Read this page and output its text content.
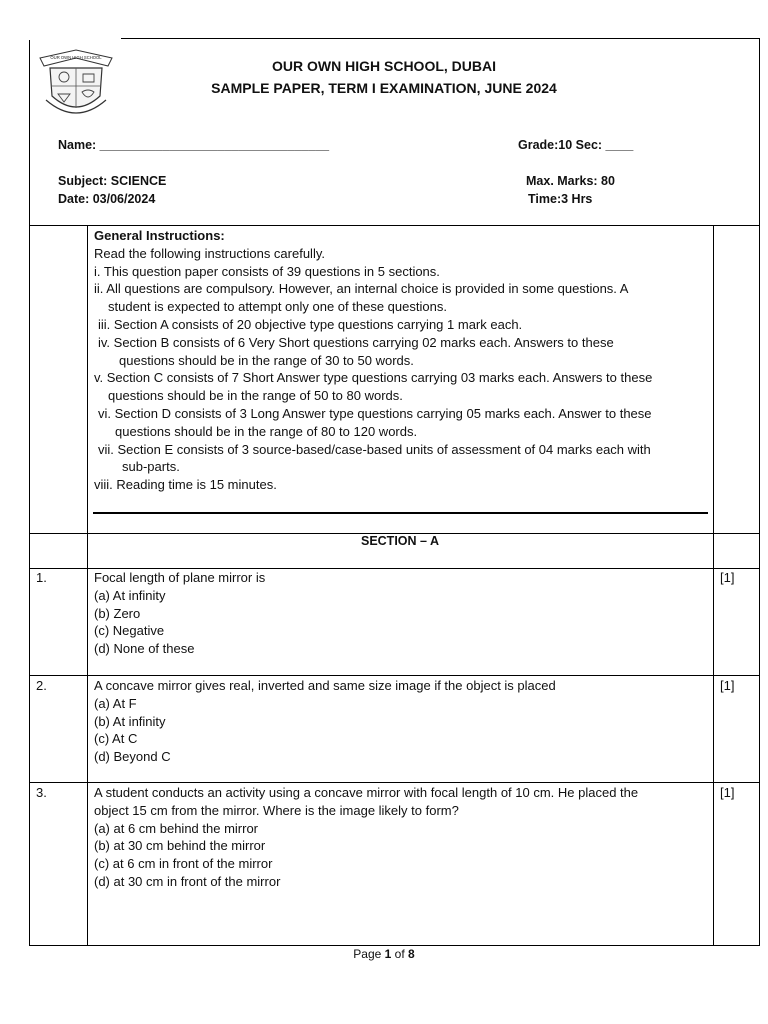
OUR OWN HIGH SCHOOL
OUR OWN HIGH SCHOOL, DUBAI
SAMPLE PAPER, TERM I EXAMINATION, JUNE 2024
Name: _________________________________	Grade:10 Sec: ____
Subject: SCIENCE	Max. Marks: 80
Date: 03/06/2024	Time:3 Hrs

General Instructions:

Read the following instructions carefully.

i. This question paper consists of 39 questions in 5 sections.

ii. All questions are compulsory. However, an internal choice is provided in some questions. A

student is expected to attempt only one of these questions.

iii. Section A consists of 20 objective type questions carrying 1 mark each.

iv. Section B consists of 6 Very Short questions carrying 02 marks each. Answers to these

questions should be in the range of 30 to 50 words.

v. Section C consists of 7 Short Answer type questions carrying 03 marks each. Answers to these

questions should be in the range of 50 to 80 words.

vi. Section D consists of 3 Long Answer type questions carrying 05 marks each. Answer to these

questions should be in the range of 80 to 120 words.

vii. Section E consists of 3 source-based/case-based units of assessment of 04 marks each with

sub-parts.

viii. Reading time is 15 minutes.

SECTION – A
1.	Focal length of plane mirror is

(a) At infinity

(b) Zero

(c) Negative

(d) None of these

[1]
2.	A concave mirror gives real, inverted and same size image if the object is placed

(a) At F

(b) At infinity

(c) At C

(d) Beyond C

[1]
3.	A student conducts an activity using a concave mirror with focal length of 10 cm. He placed the

object 15 cm from the mirror. Where is the image likely to form?

(a) at 6 cm behind the mirror

(b) at 30 cm behind the mirror

(c) at 6 cm in front of the mirror

(d) at 30 cm in front of the mirror

[1]
Page 1 of 8
